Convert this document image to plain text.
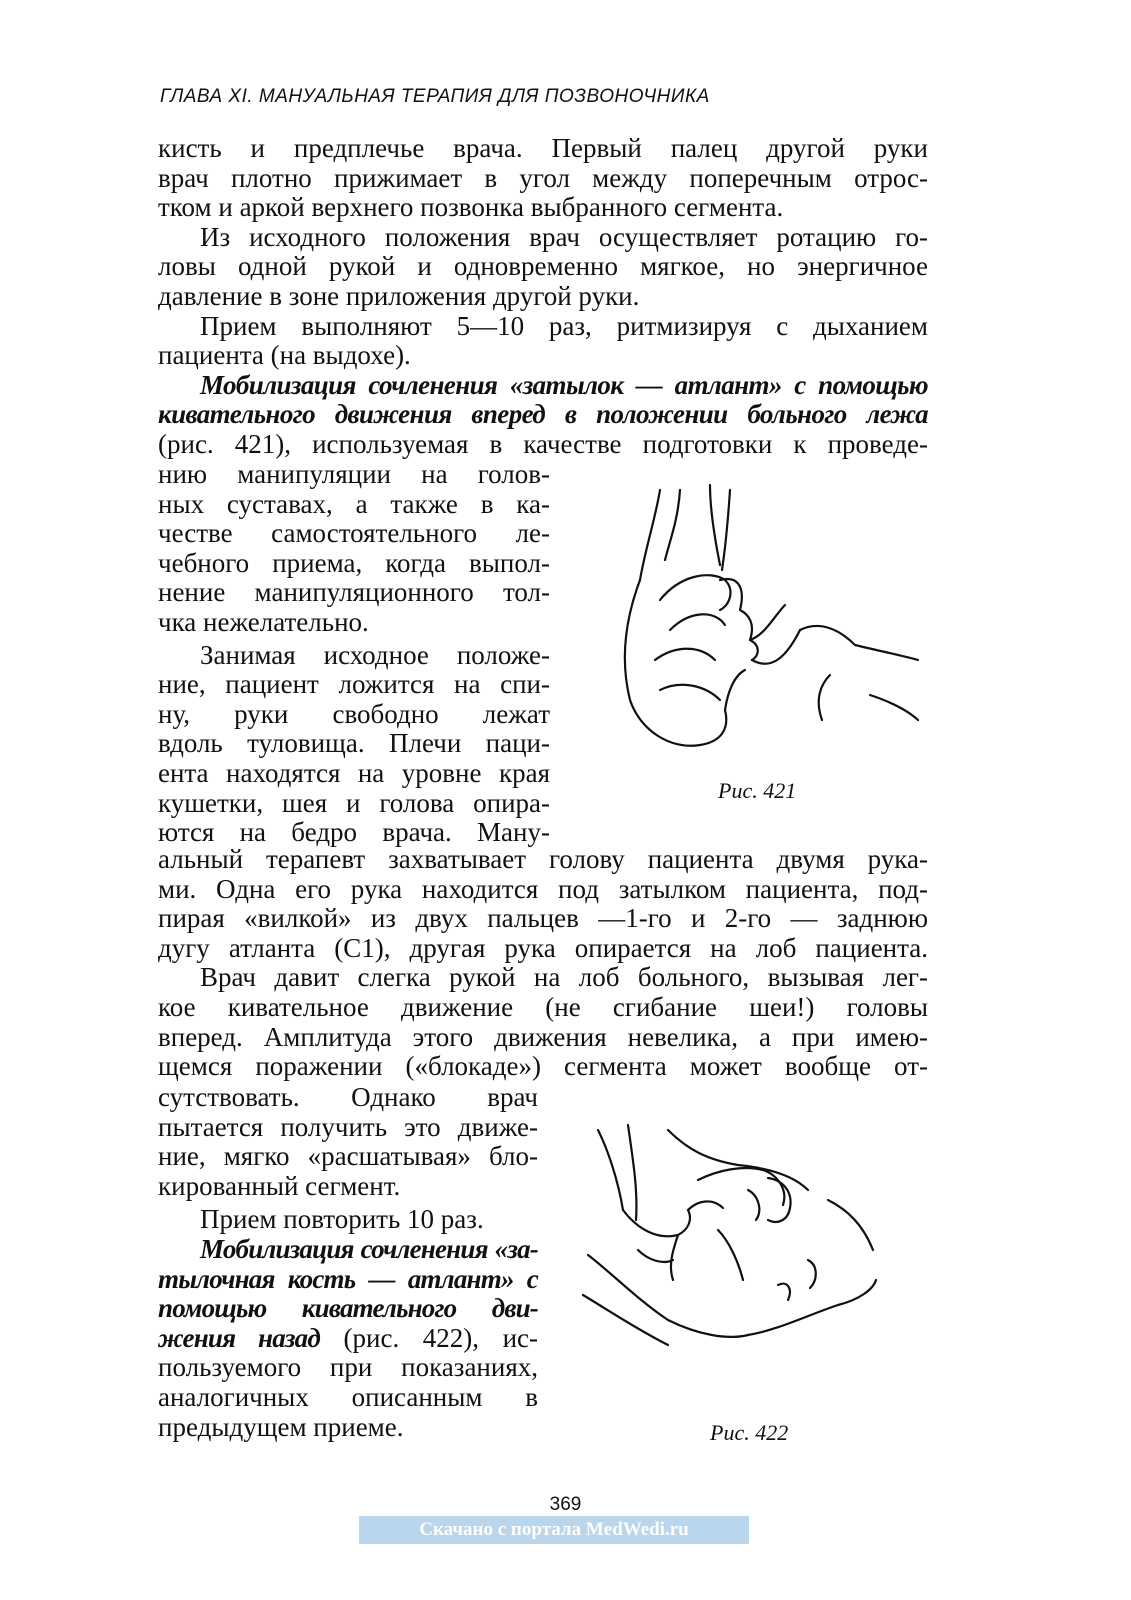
ГЛАВА XI. МАНУАЛЬНАЯ ТЕРАПИЯ ДЛЯ ПОЗВОНОЧНИКА
кисть и предплечье врача. Первый палец другой руки
врач плотно прижимает в угол между поперечным отрос-
тком и аркой верхнего позвонка выбранного сегмента.
Из исходного положения врач осуществляет ротацию го-
ловы одной рукой и одновременно мягкое, но энергичное
давление в зоне приложения другой руки.
Прием выполняют 5—10 раз, ритмизируя с дыханием
пациента (на выдохе).
Мобилизация сочленения «затылок — атлант» с помощью
кивательного движения вперед в положении больного лежа
(рис. 421), используемая в качестве подготовки к проведе-
нию манипуляции на голов-
ных суставах, а также в ка-
честве самостоятельного ле-
чебного приема, когда выпол-
нение манипуляционного тол-
чка нежелательно.
Занимая исходное положе-
ние, пациент ложится на спи-
ну, руки свободно лежат
вдоль туловища. Плечи паци-
ента находятся на уровне края
кушетки, шея и голова опира-
ются на бедро врача. Ману-
Рис. 421
альный терапевт захватывает голову пациента двумя рука-
ми. Одна его рука находится под затылком пациента, под-
пирая «вилкой» из двух пальцев —1-го и 2-го — заднюю
дугу атланта (С1), другая рука опирается на лоб пациента.
Врач давит слегка рукой на лоб больного, вызывая лег-
кое кивательное движение (не сгибание шеи!) головы
вперед. Амплитуда этого движения невелика, а при имею-
щемся поражении («блокаде») сегмента может вообще от-
сутствовать. Однако врач
пытается получить это движе-
ние, мягко «расшатывая» бло-
кированный сегмент.
Прием повторить 10 раз.
Мобилизация сочленения «за-
тылочная кость — атлант» с
помощью кивательного дви-
жения назад (рис. 422), ис-
пользуемого при показаниях,
аналогичных описанным в
предыдущем приеме.	Рис. 422
369
Скачано с портала MedWedi.ru
